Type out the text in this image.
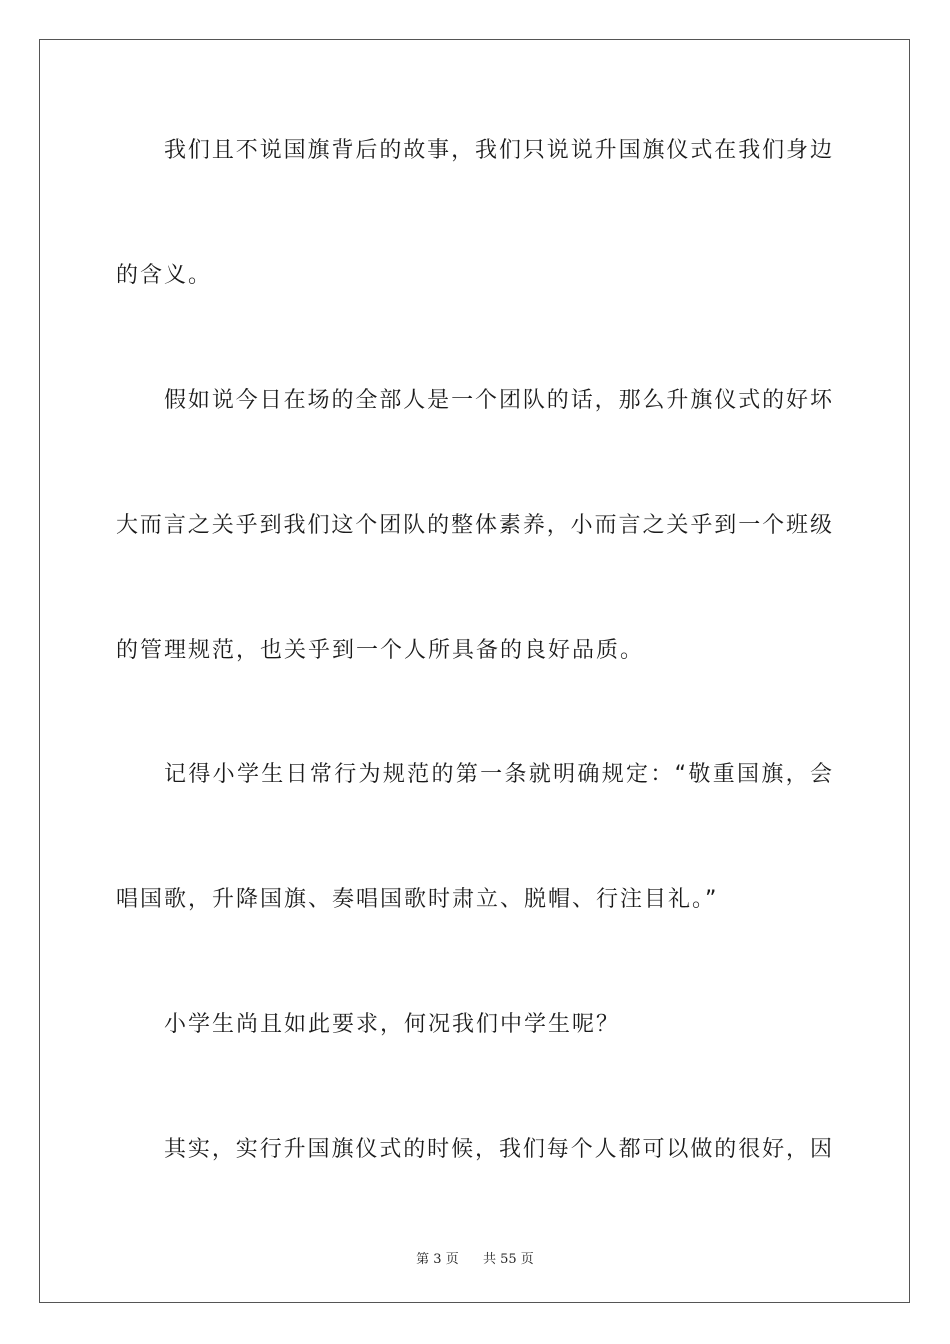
我们且不说国旗背后的故事，我们只说说升国旗仪式在我们身边
的含义。
假如说今日在场的全部人是一个团队的话，那么升旗仪式的好坏
大而言之关乎到我们这个团队的整体素养，小而言之关乎到一个班级
的管理规范，也关乎到一个人所具备的良好品质。
记得小学生日常行为规范的第一条就明确规定：“敬重国旗，会
唱国歌，升降国旗、奏唱国歌时肃立、脱帽、行注目礼。”
小学生尚且如此要求，何况我们中学生呢？
其实，实行升国旗仪式的时候，我们每个人都可以做的很好，因
第 3 页 共 55 页
